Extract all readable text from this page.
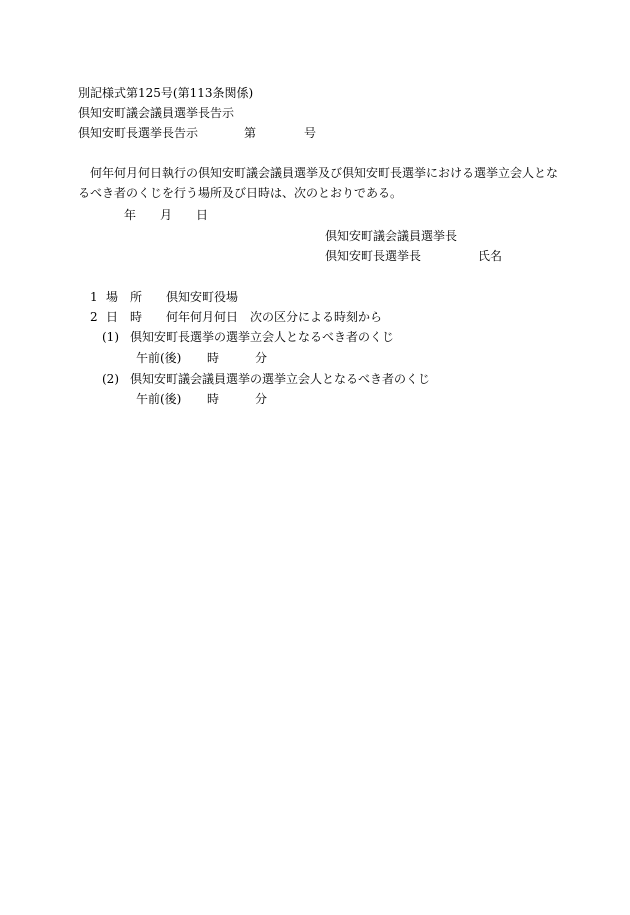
別記様式第125号(第113条関係)
倶知安町議会議員選挙長告示
倶知安町長選挙長告示	第	号
何年何月何日執行の倶知安町議会議員選挙及び倶知安町長選挙における選挙立会人とな
るべき者のくじを行う場所及び日時は、次のとおりである。
年 月 日
倶知安町議会議員選挙長
倶知安町長選挙長	氏名
1 場　所 倶知安町役場
2 日　時 何年何月何日　次の区分による時刻から
(1) 倶知安町長選挙の選挙立会人となるべき者のくじ
午前(後) 時	分
(2) 倶知安町議会議員選挙の選挙立会人となるべき者のくじ
午前(後) 時	分
